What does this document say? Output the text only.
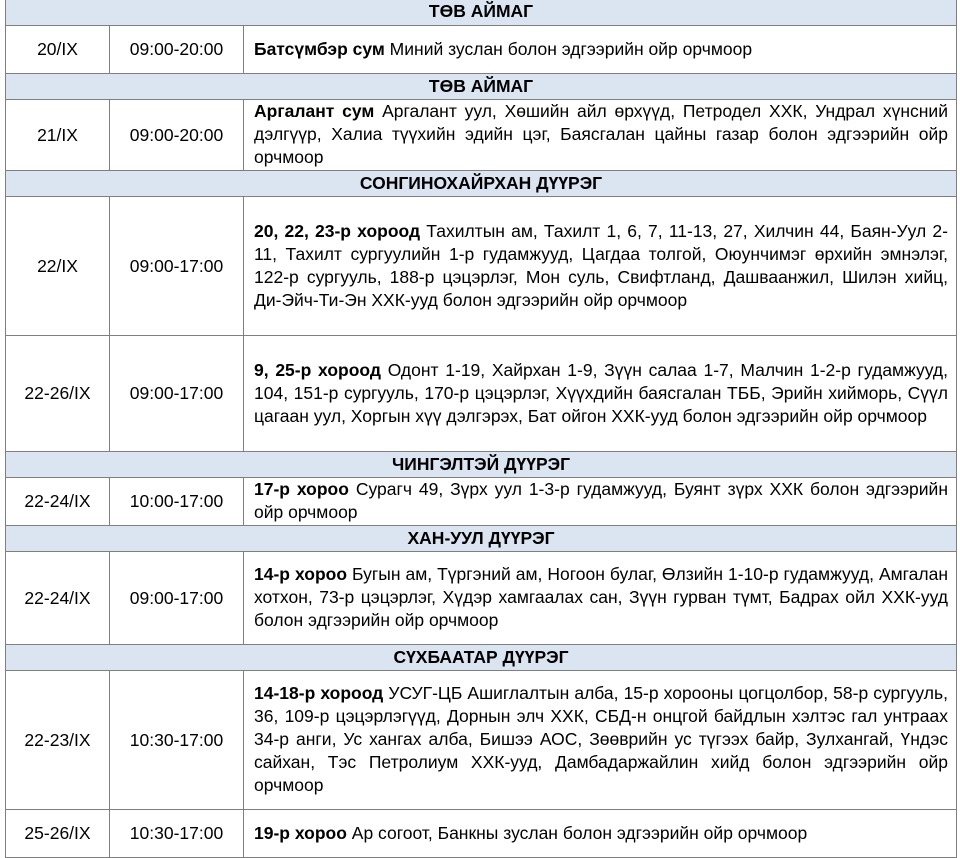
ТӨВ АЙМАГ		
20/IX	09:00-20:00	Батсүмбэр сум Миний зуслан болон эдгээрийн ойр орчмоор
ТӨВ АЙМАГ		
21/IX	09:00-20:00	Аргалант сум Аргалант уул, Хөшийн айл өрхүүд, Петродел ХХК, Ундрал хүнсний дэлгүүр, Халиа түүхийн эдийн цэг, Баясгалан цайны газар болон эдгээрийн ойр орчмоор
СОНГИНОХАЙРХАН ДҮҮРЭГ		
22/IX	09:00-17:00	20, 22, 23-р хороод Тахилтын ам, Тахилт 1, 6, 7, 11-13, 27, Хилчин 44, Баян-Уул 2-11, Тахилт сургуулийн 1-р гудамжууд, Цагдаа толгой, Оюунчимэг өрхийн эмнэлэг, 122-р сургууль, 188-р цэцэрлэг, Мон суль, Свифтланд, Дашваанжил, Шилэн хийц, Ди-Эйч-Ти-Эн ХХК-ууд болон эдгээрийн ойр орчмоор
22-26/IX	09:00-17:00	9, 25-р хороод Одонт 1-19, Хайрхан 1-9, Зүүн салаа 1-7, Малчин 1-2-р гудамжууд, 104, 151-р сургууль, 170-р цэцэрлэг, Хүүхдийн баясгалан ТББ, Эрийн хийморь, Сүүл цагаан уул, Хоргын хүү дэлгэрэх, Бат ойгон ХХК-ууд болон эдгээрийн ойр орчмоор
ЧИНГЭЛТЭЙ ДҮҮРЭГ		
22-24/IX	10:00-17:00	17-р хороо Сурагч 49, Зүрх уул 1-3-р гудамжууд, Буянт зүрх ХХК болон эдгээрийн ойр орчмоор
ХАН-УУЛ ДҮҮРЭГ		
22-24/IX	09:00-17:00	14-р хороо Бугын ам, Түргэний ам, Ногоон булаг, Өлзийн 1-10-р гудамжууд, Амгалан хотхон, 73-р цэцэрлэг, Хүдэр хамгаалах сан, Зүүн гурван түмт, Бадрах ойл ХХК-ууд болон эдгээрийн ойр орчмоор
СҮХБААТАР ДҮҮРЭГ		
22-23/IX	10:30-17:00	14-18-р хороод УСУГ-ЦБ Ашиглалтын алба, 15-р хорооны цогцолбор, 58-р сургууль, 36, 109-р цэцэрлэгүүд, Дорнын элч ХХК, СБД-н онцгой байдлын хэлтэс гал унтраах 34-р анги, Ус хангах алба, Бишээ АОС, Зөөврийн ус түгээх байр, Зулхангай, Үндэс сайхан, Тэс Петролиум ХХК-ууд, Дамбадаржайлин хийд болон эдгээрийн ойр орчмоор
25-26/IX	10:30-17:00	19-р хороо Ар согоот, Банкны зуслан болон эдгээрийн ойр орчмоор
